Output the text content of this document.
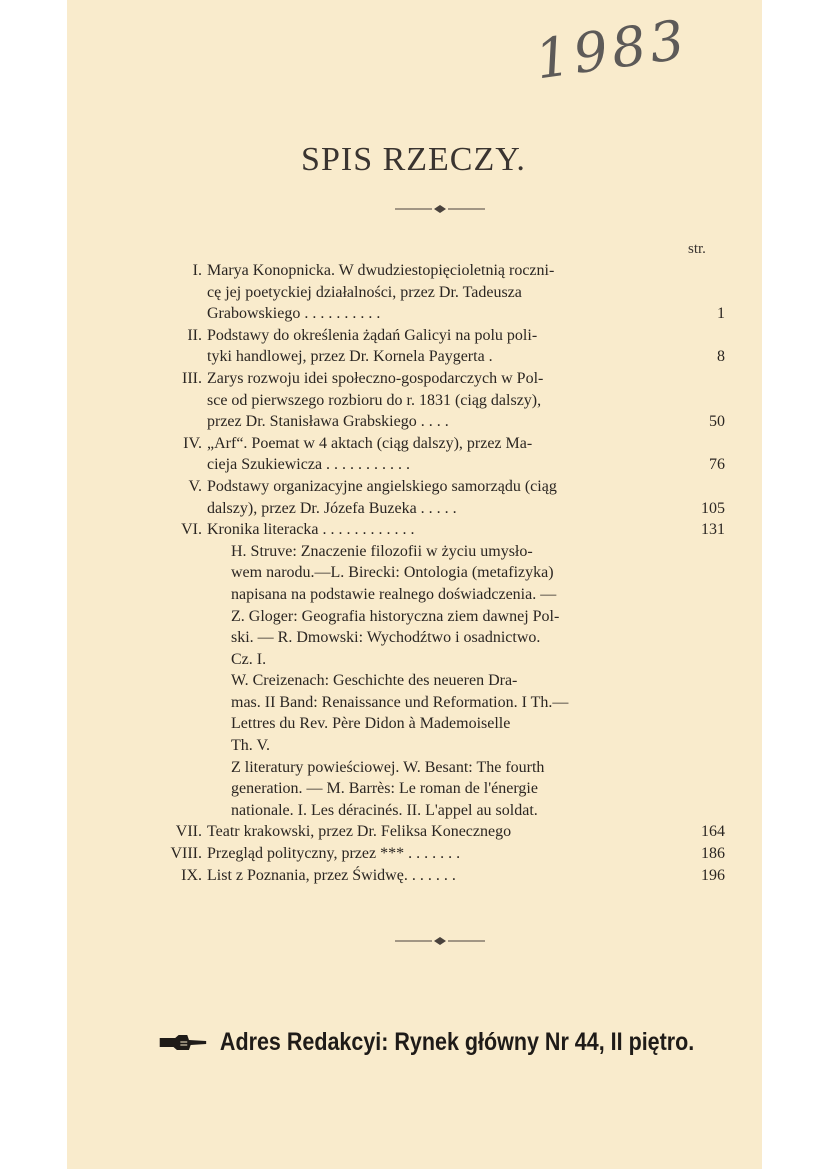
1983
SPIS RZECZY.
str.
I. Marya Konopnicka. W dwudziestopięcioletnią roczni-
cę jej poetyckiej działalności, przez Dr. Tadeusza
Grabowskiego . . . . . . . . . .	1
II. Podstawy do określenia żądań Galicyi na polu poli-
tyki handlowej, przez Dr. Kornela Paygerta .	8
III. Zarys rozwoju idei społeczno-gospodarczych w Pol-
sce od pierwszego rozbioru do r. 1831 (ciąg dalszy),
przez Dr. Stanisława Grabskiego . . . .	50
IV. „Arf“. Poemat w 4 aktach (ciąg dalszy), przez Ma-
cieja Szukiewicza . . . . . . . . . . .	76
V. Podstawy organizacyjne angielskiego samorządu (ciąg
dalszy), przez Dr. Józefa Buzeka . . . . .	105
VI. Kronika literacka . . . . . . . . . . . .	131
H. Struve: Znaczenie filozofii w życiu umysło-
wem narodu.—L. Birecki: Ontologia (metafizyka)
napisana na podstawie realnego doświadczenia. —
Z. Gloger: Geografia historyczna ziem dawnej Pol-
ski. — R. Dmowski: Wychodźtwo i osadnictwo.
Cz. I.
W. Creizenach: Geschichte des neueren Dra-
mas. II Band: Renaissance und Reformation. I Th.—
Lettres du Rev. Père Didon à Mademoiselle
Th. V.
Z literatury powieściowej. W. Besant: The fourth
generation. — M. Barrès: Le roman de l'énergie
nationale. I. Les déracinés. II. L'appel au soldat.
VII. Teatr krakowski, przez Dr. Feliksa Konecznego	164
VIII. Przegląd polityczny, przez *** . . . . . . .	186
IX. List z Poznania, przez Świdwę. . . . . . .	196
Adres Redakcyi: Rynek główny Nr 44, II piętro.
